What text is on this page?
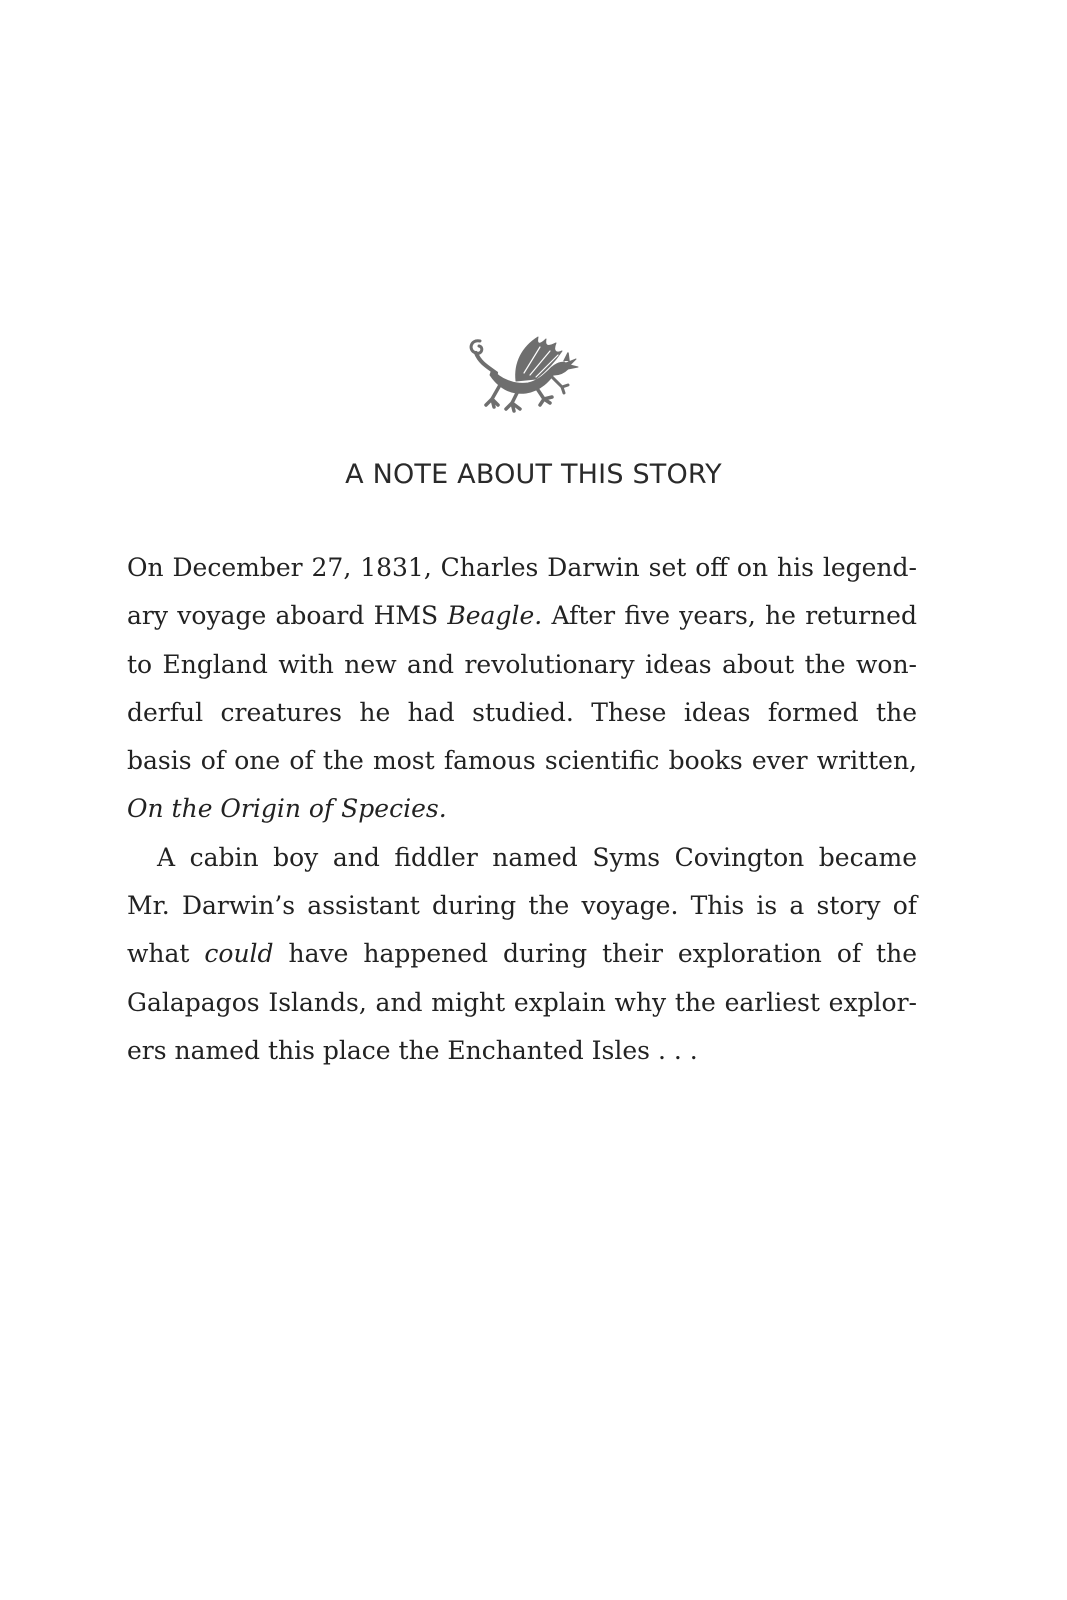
A NOTE ABOUT THIS STORY
On December 27, 1831, Charles Darwin set off on his legend-
ary voyage aboard HMS Beagle. After five years, he returned
to England with new and revolutionary ideas about the won-
derful creatures he had studied. These ideas formed the
basis of one of the most famous scientific books ever written,
On the Origin of Species.
A cabin boy and fiddler named Syms Covington became
Mr. Darwin’s assistant during the voyage. This is a story of
what could have happened during their exploration of the
Galapagos Islands, and might explain why the earliest explor-
ers named this place the Enchanted Isles . . .
